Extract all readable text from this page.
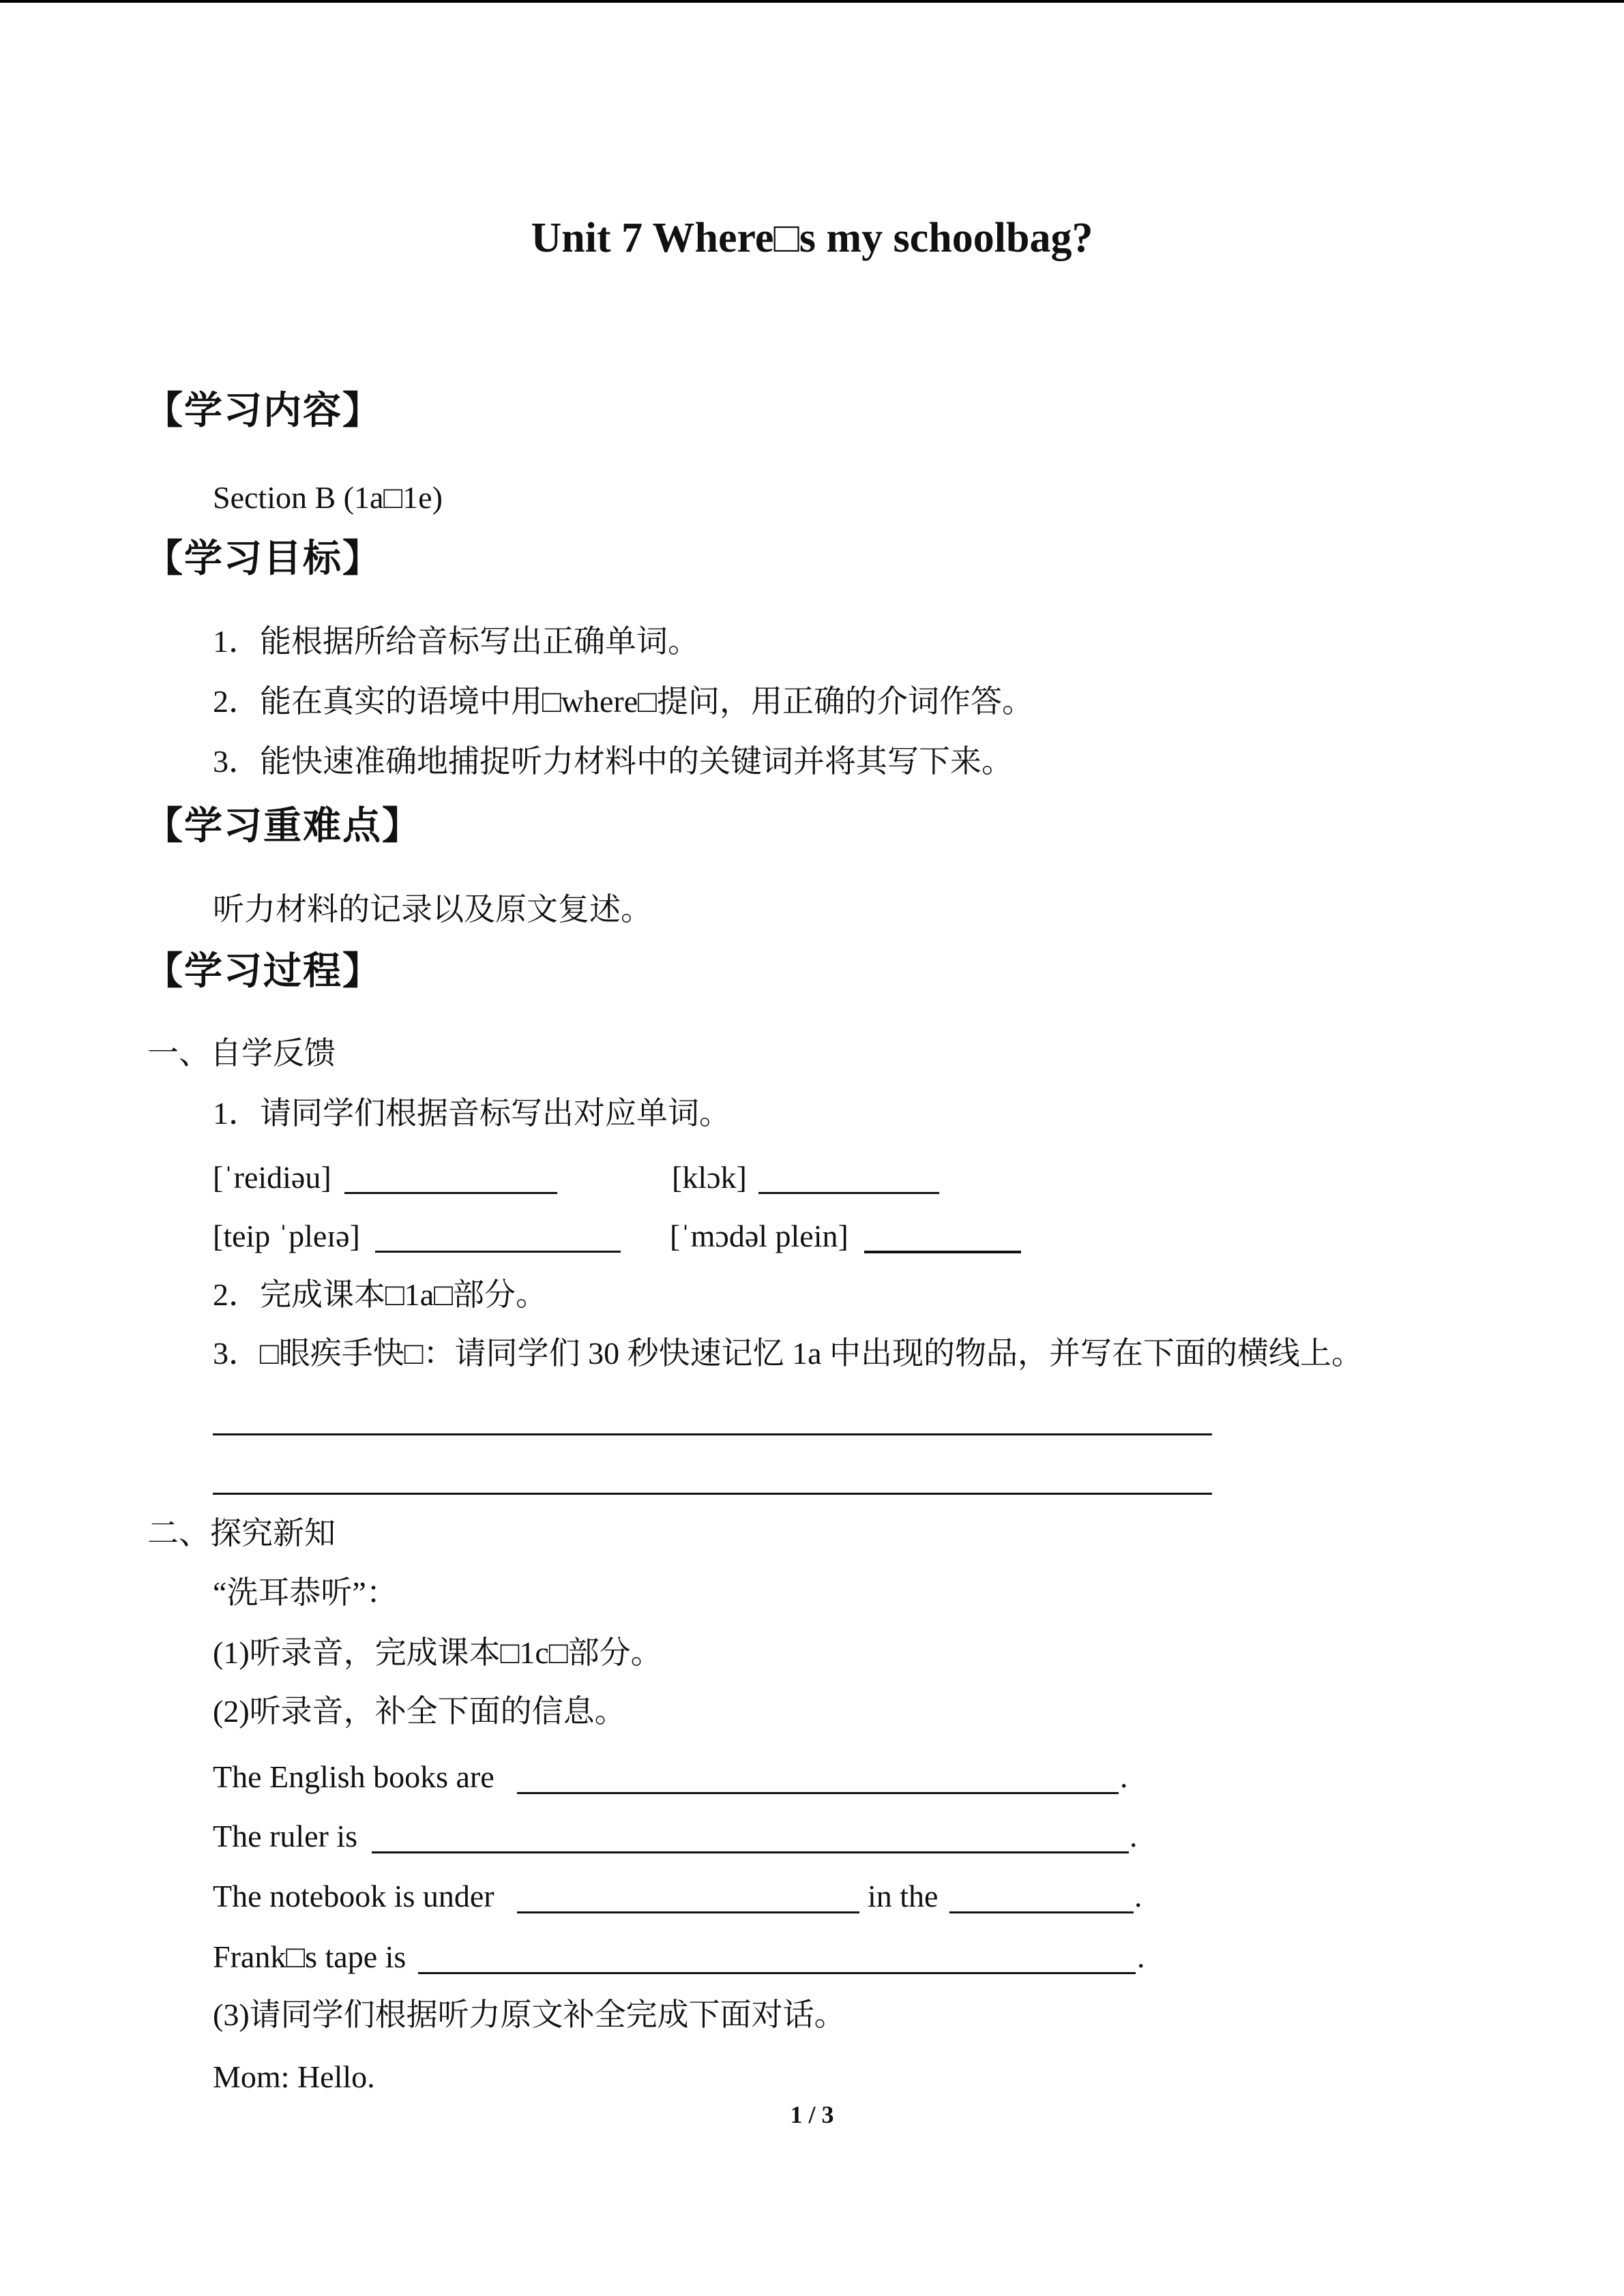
Unit 7 Where□s my schoolbag?
【学习内容】
Section B (1a□1e)
【学习目标】
1．能根据所给音标写出正确单词。
2．能在真实的语境中用□where□提问，用正确的介词作答。
3．能快速准确地捕捉听力材料中的关键词并将其写下来。
【学习重难点】
听力材料的记录以及原文复述。
【学习过程】
一、自学反馈
1．请同学们根据音标写出对应单词。
[ˈreidiəu]	[klɔk]
[teip ˈpleɪə]	[ˈmɔdəl plein]
2．完成课本□1a□部分。
3．□眼疾手快□：请同学们 30 秒快速记忆 1a 中出现的物品，并写在下面的横线上。
二、探究新知
“洗耳恭听”：
(1)听录音，完成课本□1c□部分。
(2)听录音，补全下面的信息。
The English books are	.
The ruler is	.
The notebook is under	in the	.
Frank□s tape is	.
(3)请同学们根据听力原文补全完成下面对话。
Mom: Hello.
1 / 3
